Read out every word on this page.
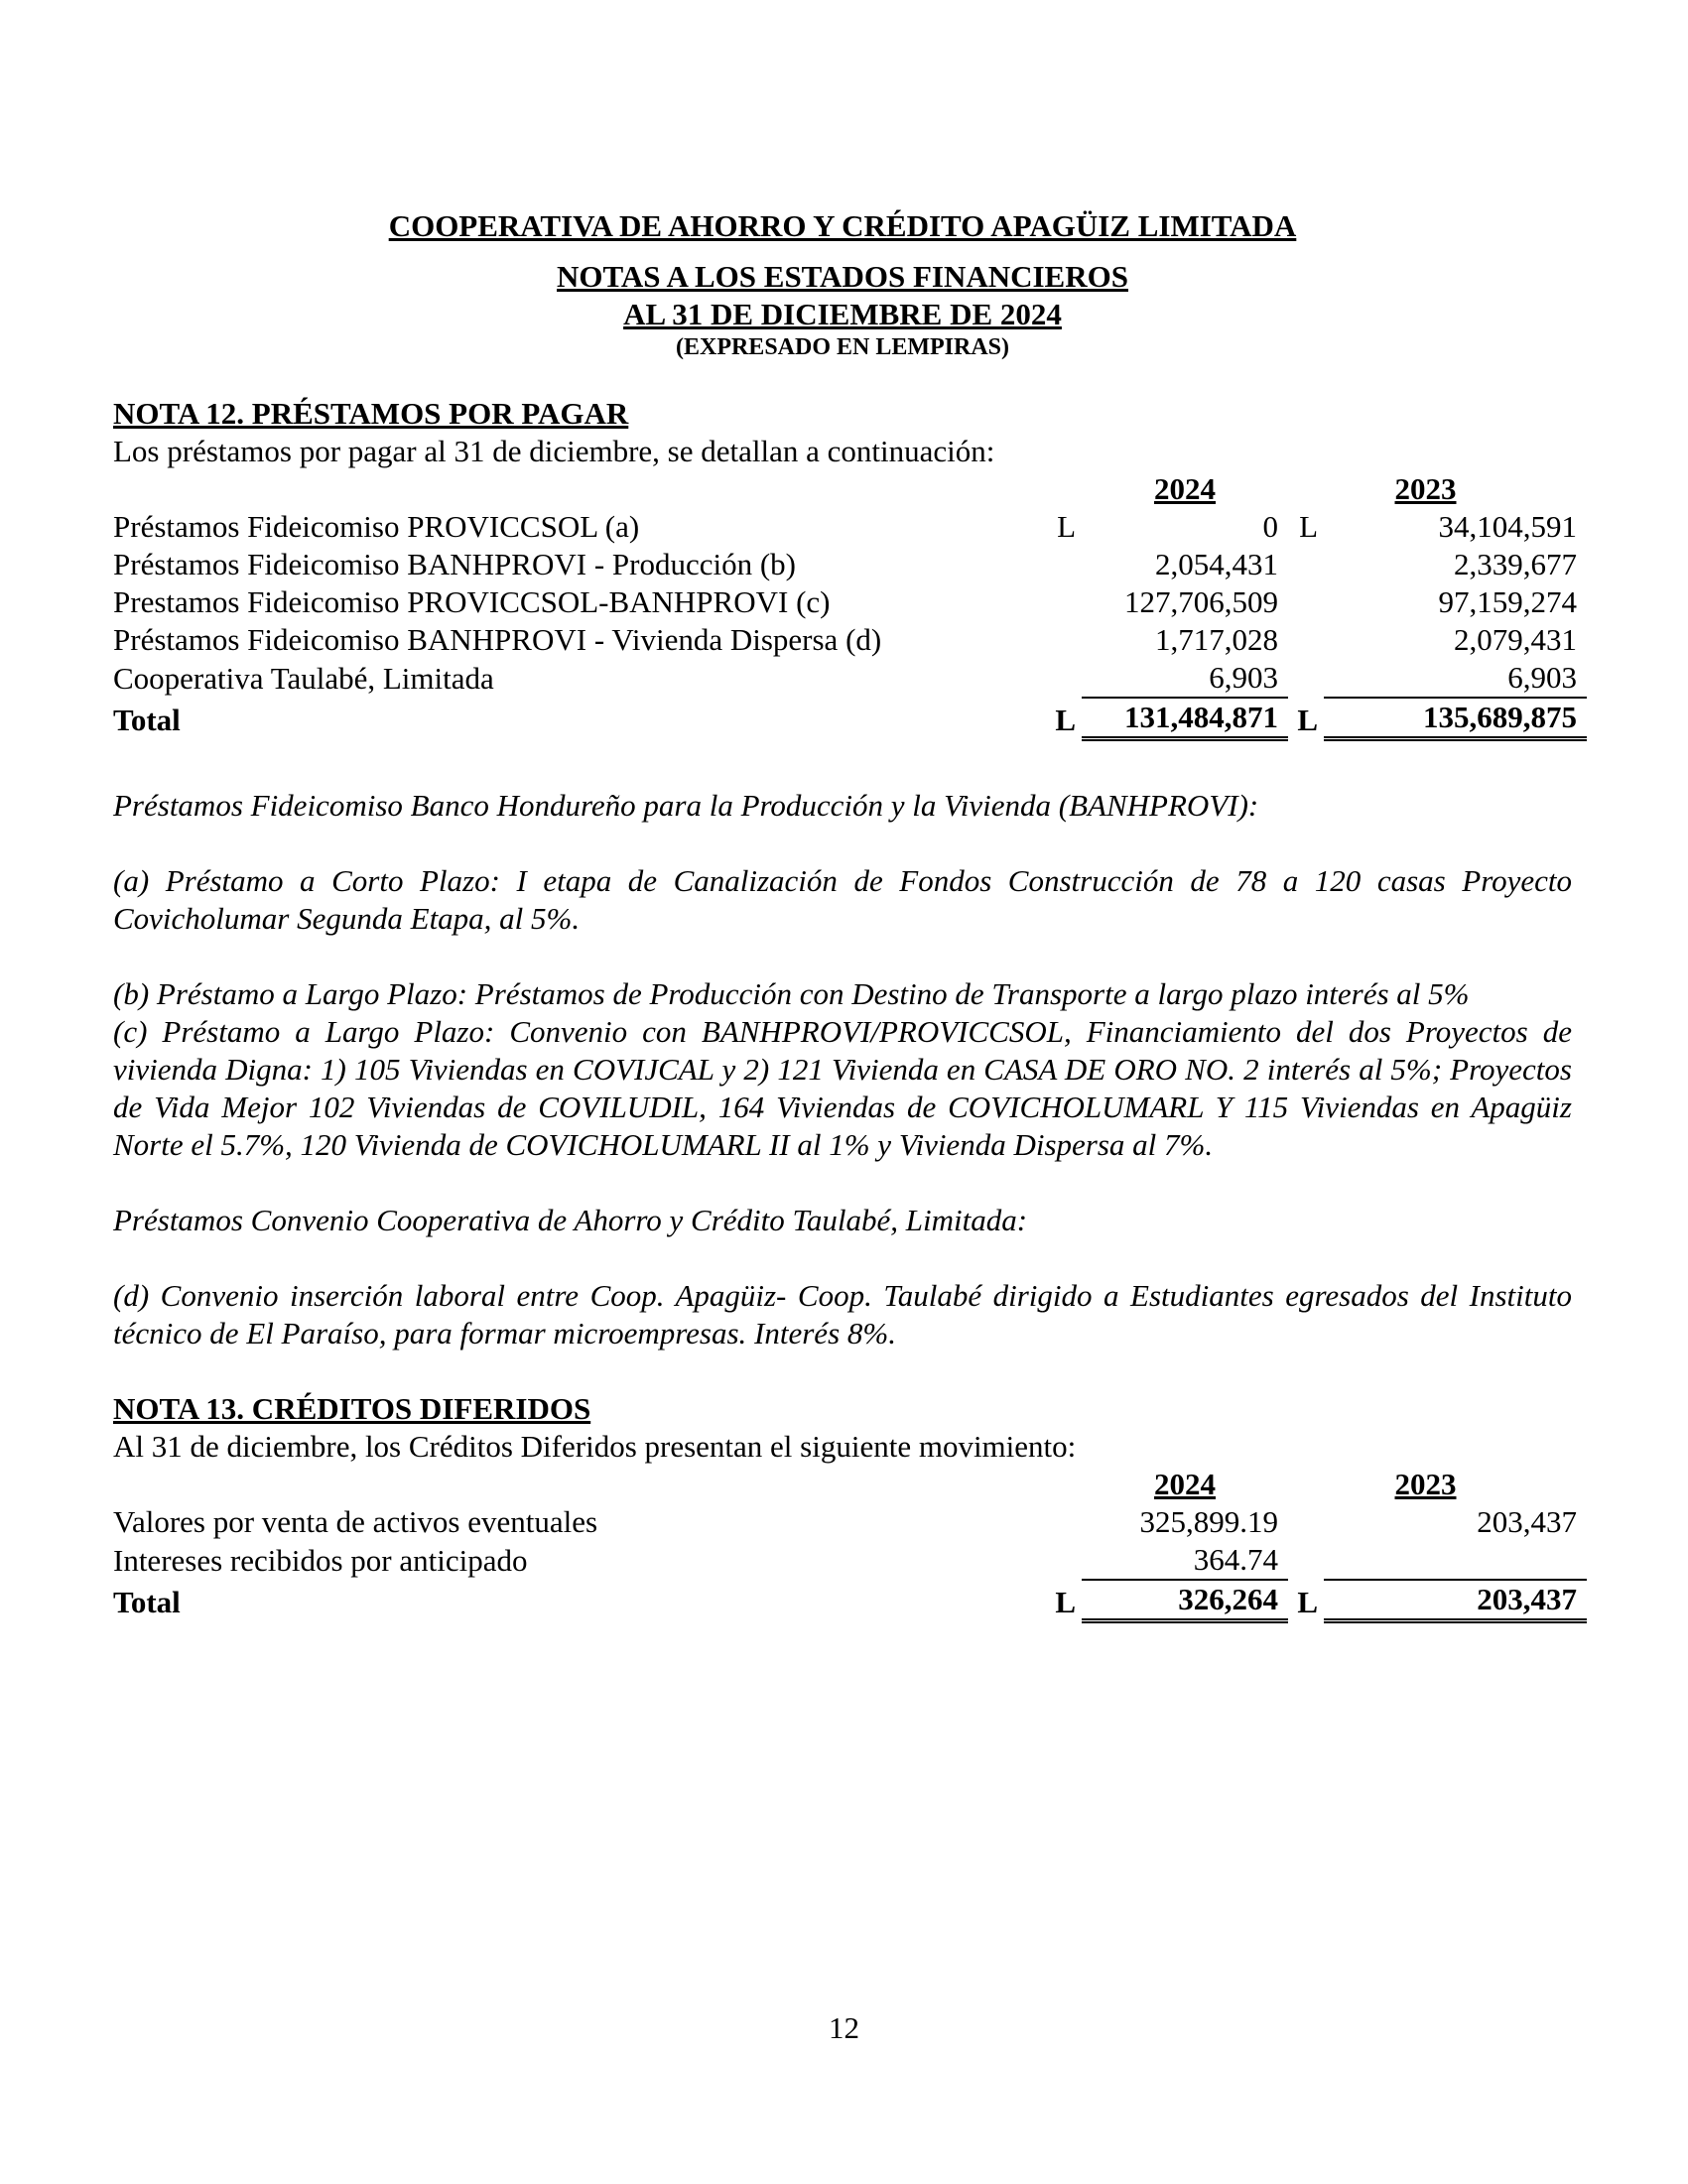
COOPERATIVA DE AHORRO Y CRÉDITO APAGÜIZ LIMITADA
NOTAS A LOS ESTADOS FINANCIEROS
AL 31 DE DICIEMBRE DE 2024
(EXPRESADO EN LEMPIRAS)
NOTA 12. PRÉSTAMOS POR PAGAR
Los préstamos por pagar al 31 de diciembre, se detallan a continuación:
		2024		2023
Préstamos Fideicomiso PROVICCSOL (a)	L	0	L	34,104,591
Préstamos Fideicomiso BANHPROVI - Producción (b)		2,054,431		2,339,677
Prestamos Fideicomiso PROVICCSOL-BANHPROVI (c)		127,706,509		97,159,274
Préstamos Fideicomiso BANHPROVI - Vivienda Dispersa (d)		1,717,028		2,079,431
Cooperativa Taulabé, Limitada		6,903		6,903
Total	L	131,484,871	L	135,689,875
Préstamos Fideicomiso Banco Hondureño para la Producción y la Vivienda (BANHPROVI):
(a) Préstamo a Corto Plazo: I etapa de Canalización de Fondos Construcción de 78 a 120 casas Proyecto Covicholumar Segunda Etapa, al 5%.
(b) Préstamo a Largo Plazo: Préstamos de Producción con Destino de Transporte a largo plazo interés al 5%
(c) Préstamo a Largo Plazo: Convenio con BANHPROVI/PROVICCSOL, Financiamiento del dos Proyectos de vivienda Digna: 1) 105 Viviendas en COVIJCAL y 2) 121 Vivienda en CASA DE ORO NO. 2 interés al 5%; Proyectos de Vida Mejor 102 Viviendas de COVILUDIL, 164 Viviendas de COVICHOLUMARL Y 115 Viviendas en Apagüiz Norte el 5.7%, 120 Vivienda de COVICHOLUMARL II al 1% y Vivienda Dispersa al 7%.
Préstamos Convenio Cooperativa de Ahorro y Crédito Taulabé, Limitada:
(d) Convenio inserción laboral entre Coop. Apagüiz- Coop. Taulabé dirigido a Estudiantes egresados del Instituto técnico de El Paraíso, para formar microempresas. Interés 8%.
NOTA 13. CRÉDITOS DIFERIDOS
Al 31 de diciembre, los Créditos Diferidos presentan el siguiente movimiento:
		2024		2023
Valores por venta de activos eventuales		325,899.19		203,437
Intereses recibidos por anticipado		364.74		
Total	L	326,264	L	203,437
12
